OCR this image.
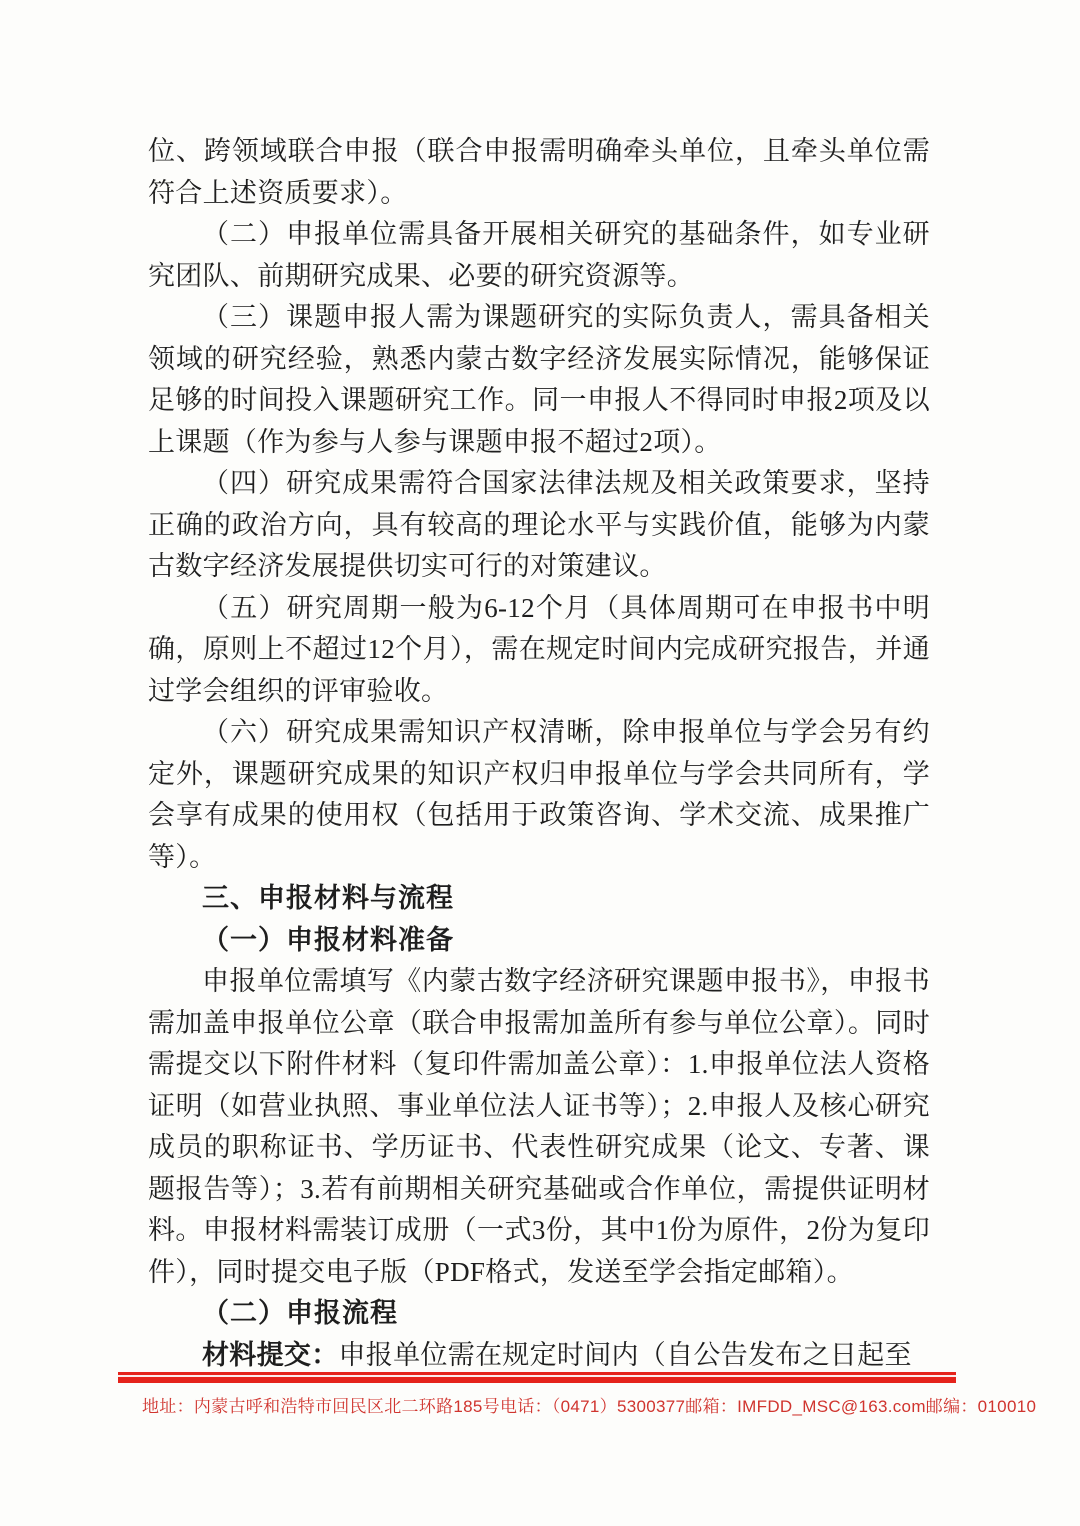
位、跨领域联合申报（联合申报需明确牵头单位，且牵头单位需符合上述资质要求）。

（二）申报单位需具备开展相关研究的基础条件，如专业研究团队、前期研究成果、必要的研究资源等。

（三）课题申报人需为课题研究的实际负责人，需具备相关领域的研究经验，熟悉内蒙古数字经济发展实际情况，能够保证足够的时间投入课题研究工作。同一申报人不得同时申报2项及以上课题（作为参与人参与课题申报不超过2项）。

（四）研究成果需符合国家法律法规及相关政策要求，坚持正确的政治方向，具有较高的理论水平与实践价值，能够为内蒙古数字经济发展提供切实可行的对策建议。

（五）研究周期一般为6-12个月（具体周期可在申报书中明确，原则上不超过12个月），需在规定时间内完成研究报告，并通过学会组织的评审验收。

（六）研究成果需知识产权清晰，除申报单位与学会另有约定外，课题研究成果的知识产权归申报单位与学会共同所有，学会享有成果的使用权（包括用于政策咨询、学术交流、成果推广等）。

三、申报材料与流程

（一）申报材料准备

申报单位需填写《内蒙古数字经济研究课题申报书》，申报书需加盖申报单位公章（联合申报需加盖所有参与单位公章）。同时需提交以下附件材料（复印件需加盖公章）：1.申报单位法人资格证明（如营业执照、事业单位法人证书等）；2.申报人及核心研究成员的职称证书、学历证书、代表性研究成果（论文、专著、课题报告等）；3.若有前期相关研究基础或合作单位，需提供证明材料。申报材料需装订成册（一式3份，其中1份为原件，2份为复印件），同时提交电子版（PDF格式，发送至学会指定邮箱）。

（二）申报流程

材料提交：申报单位需在规定时间内（自公告发布之日起至

地址：内蒙古呼和浩特市回民区北二环路185号电话：（0471）5300377邮箱：IMFDD_MSC@163.com邮编：010010
